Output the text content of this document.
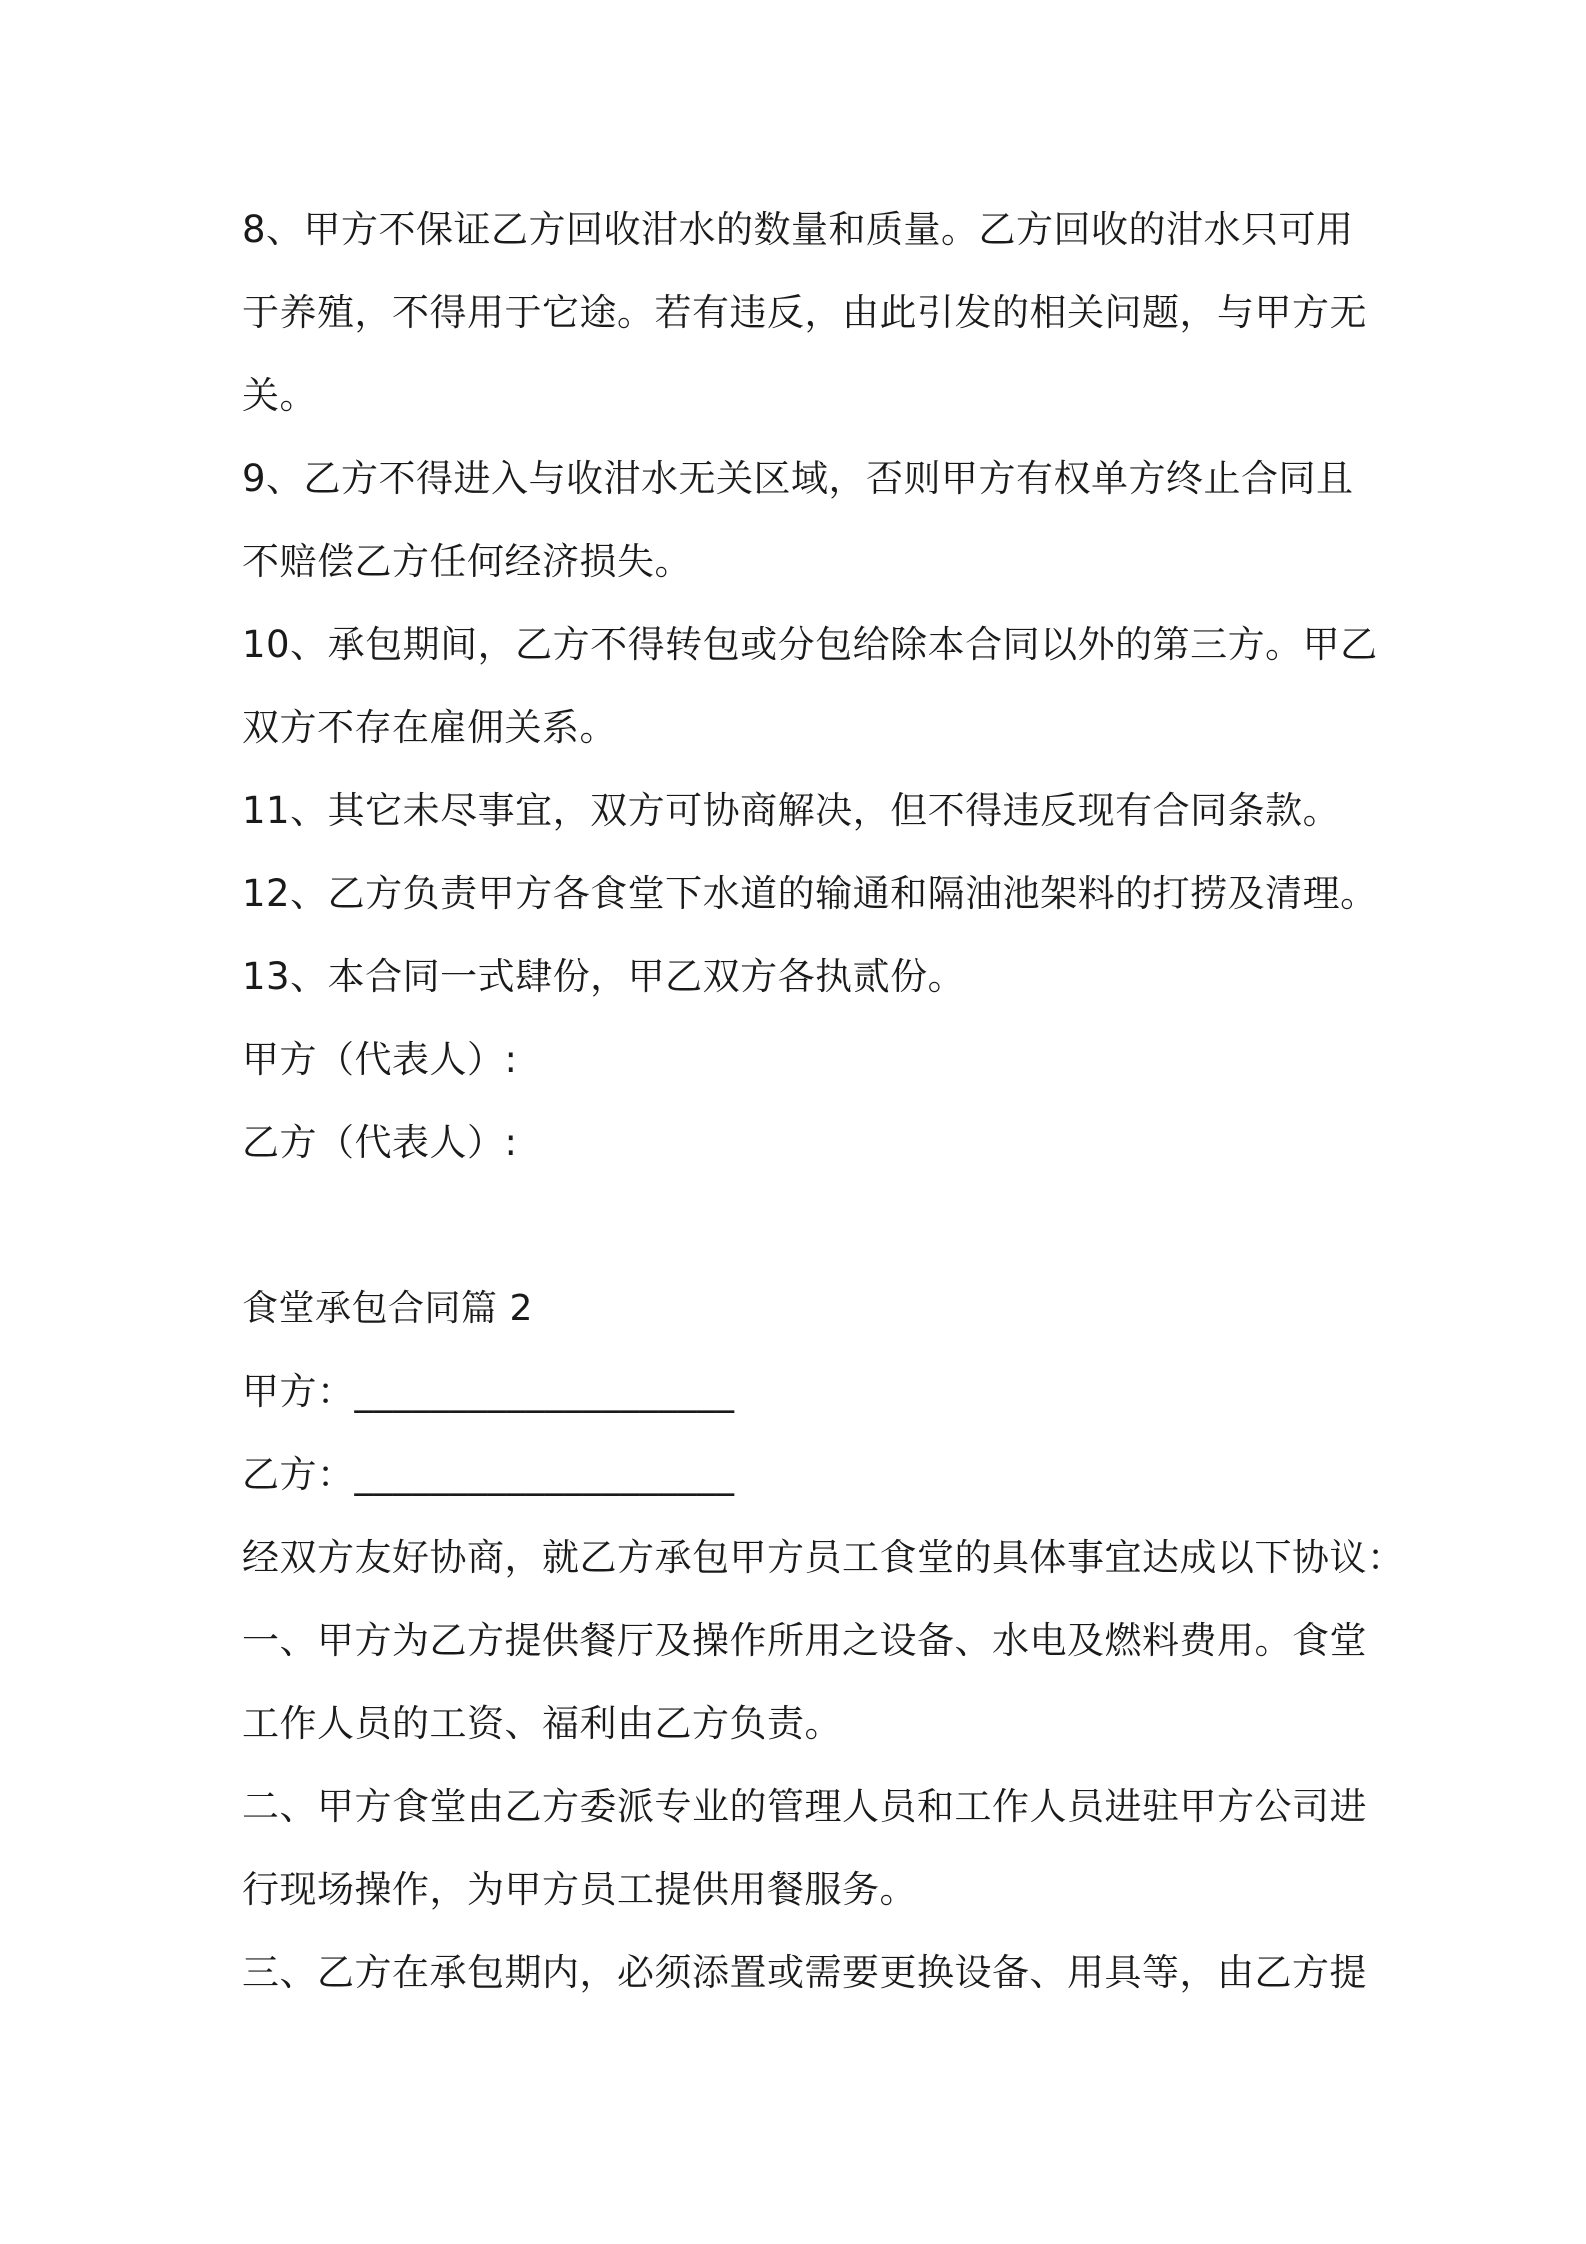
8、甲方不保证乙方回收泔水的数量和质量。乙方回收的泔水只可用
于养殖，不得用于它途。若有违反，由此引发的相关问题，与甲方无
关。
9、乙方不得进入与收泔水无关区域，否则甲方有权单方终止合同且
不赔偿乙方任何经济损失。
10、承包期间，乙方不得转包或分包给除本合同以外的第三方。甲乙
双方不存在雇佣关系。
11、其它未尽事宜，双方可协商解决，但不得违反现有合同条款。
12、乙方负责甲方各食堂下水道的输通和隔油池架料的打捞及清理。
13、本合同一式肆份，甲乙双方各执贰份。
甲方（代表人）:
乙方（代表人）:
食堂承包合同篇 2
甲方：____________________
乙方：____________________
经双方友好协商，就乙方承包甲方员工食堂的具体事宜达成以下协议：
一、甲方为乙方提供餐厅及操作所用之设备、水电及燃料费用。食堂
工作人员的工资、福利由乙方负责。
二、甲方食堂由乙方委派专业的管理人员和工作人员进驻甲方公司进
行现场操作，为甲方员工提供用餐服务。
三、乙方在承包期内，必须添置或需要更换设备、用具等，由乙方提
